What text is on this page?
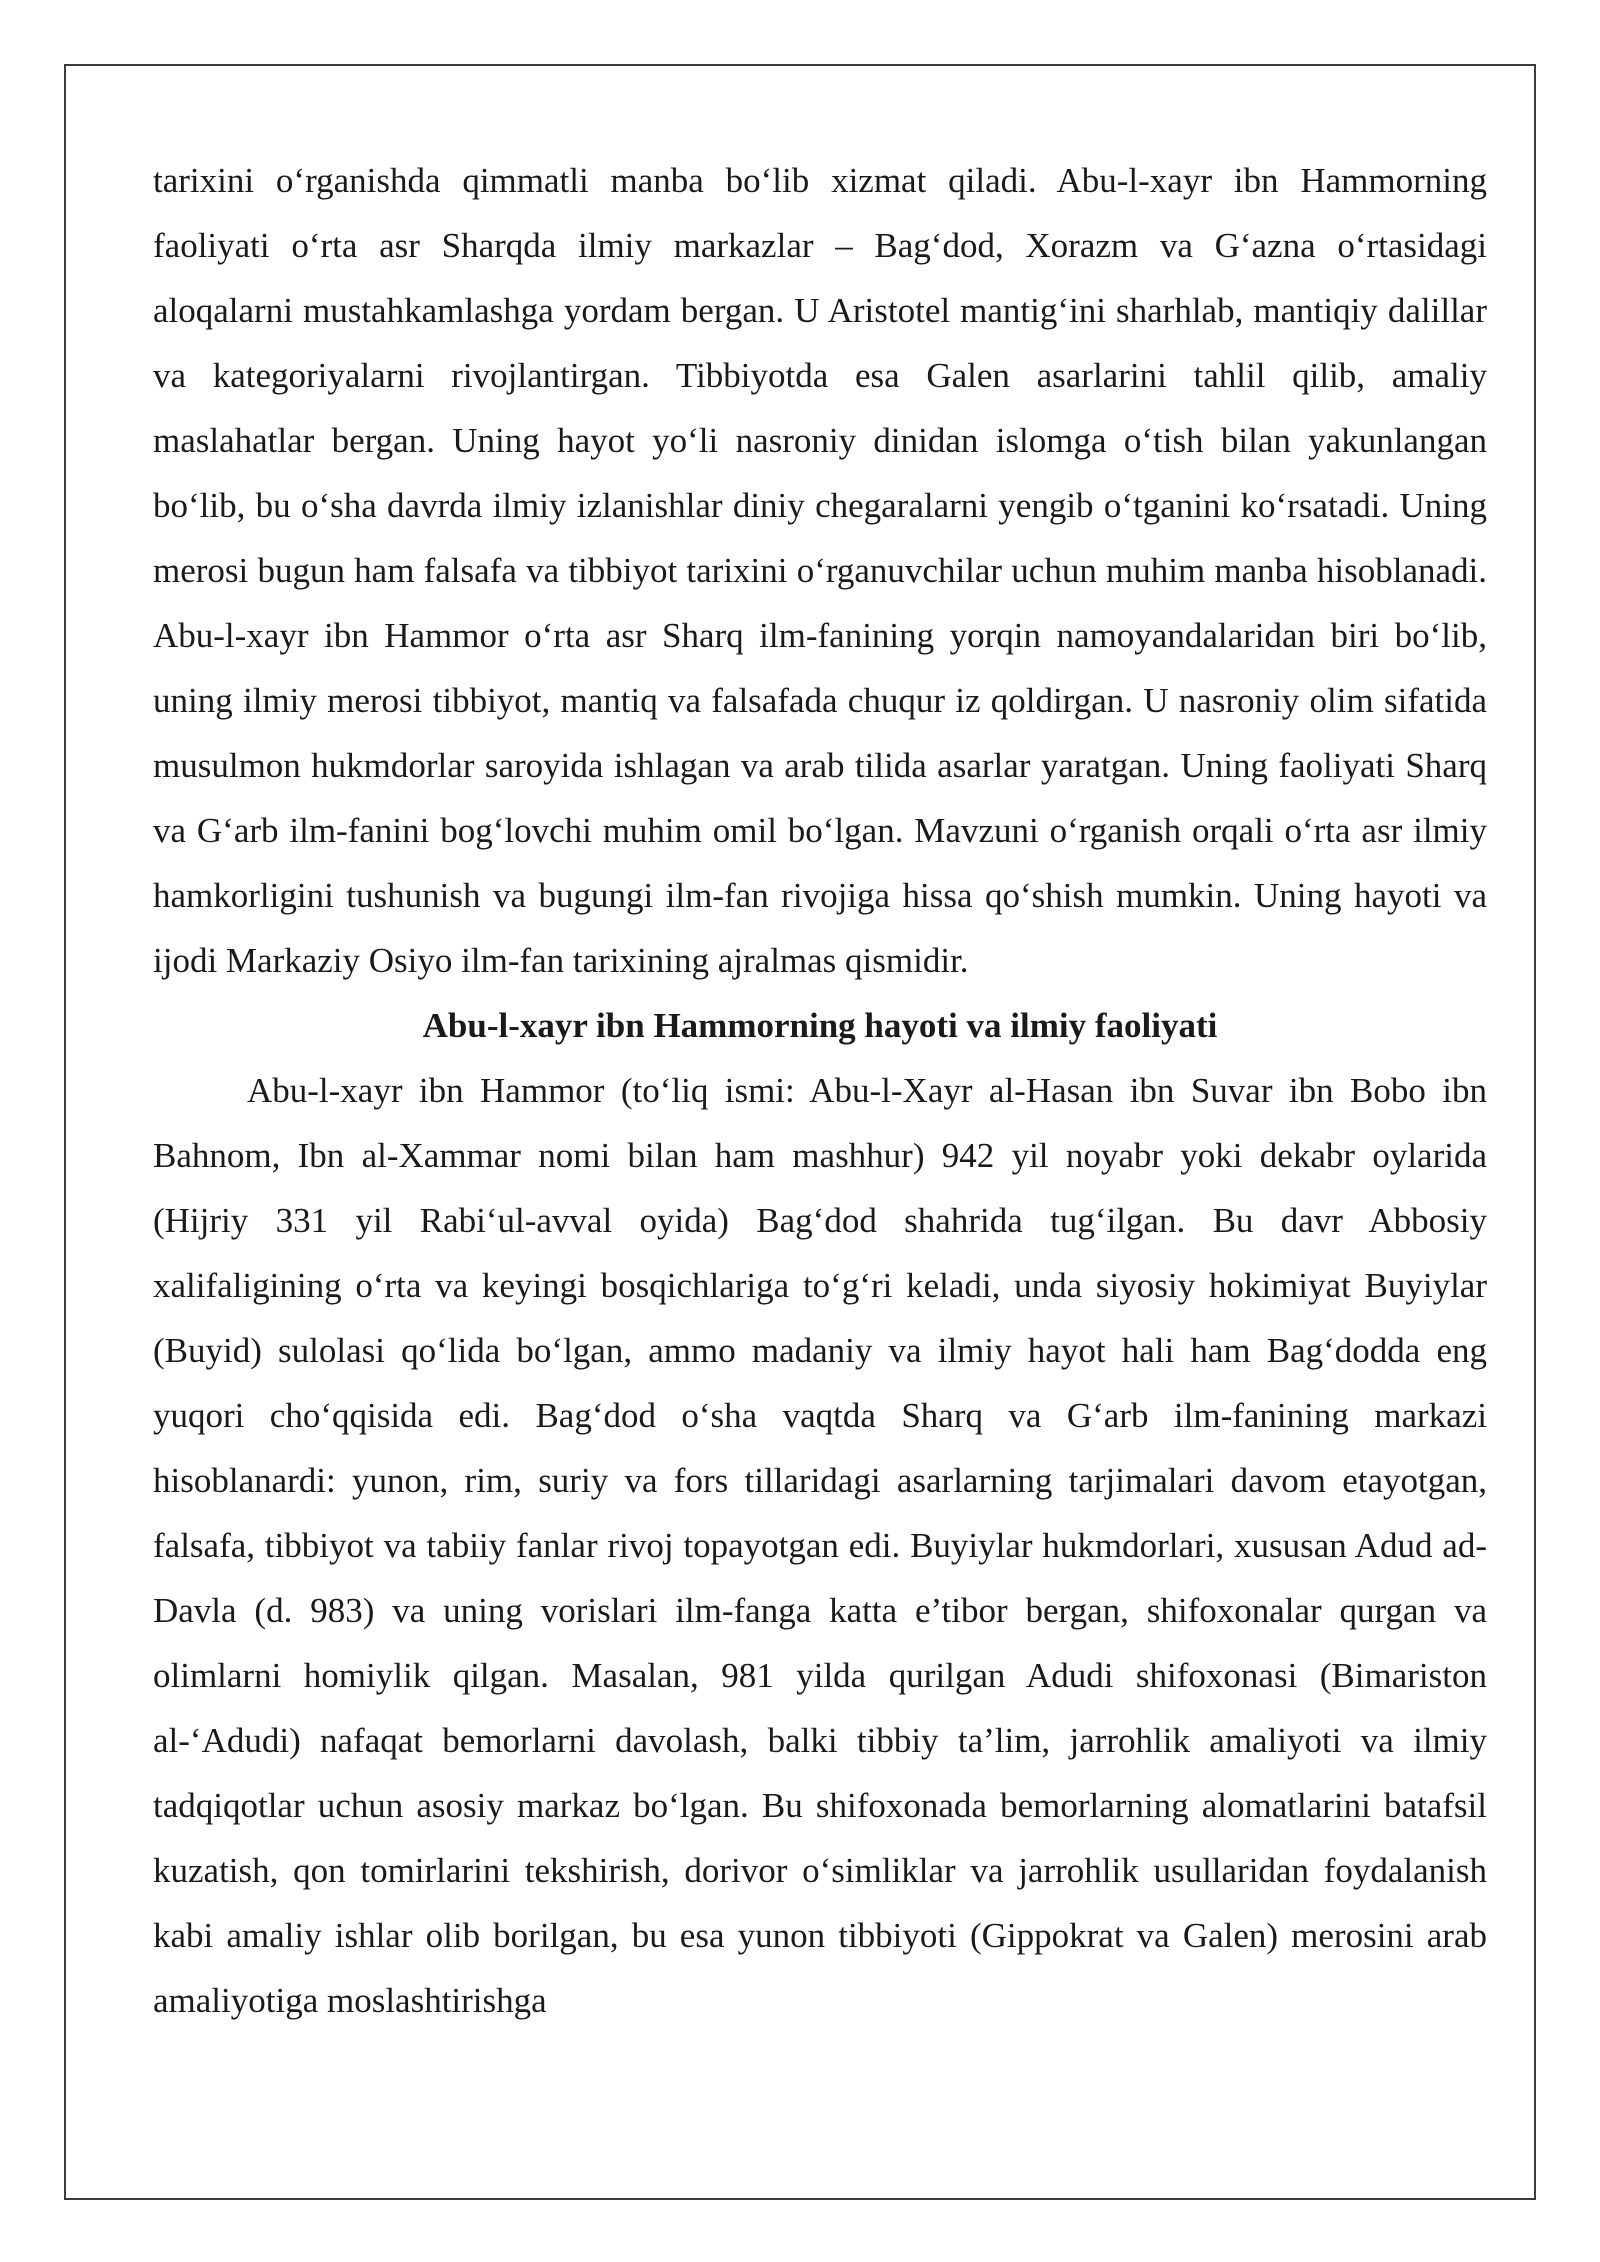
tarixini o‘rganishda qimmatli manba bo‘lib xizmat qiladi. Abu-l-xayr ibn Hammorning faoliyati o‘rta asr Sharqda ilmiy markazlar – Bag‘dod, Xorazm va G‘azna o‘rtasidagi aloqalarni mustahkamlashga yordam bergan. U Aristotel mantig‘ini sharhlab, mantiqiy dalillar va kategoriyalarni rivojlantirgan. Tibbiyotda esa Galen asarlarini tahlil qilib, amaliy maslahatlar bergan. Uning hayot yo‘li nasroniy dinidan islomga o‘tish bilan yakunlangan bo‘lib, bu o‘sha davrda ilmiy izlanishlar diniy chegaralarni yengib o‘tganini ko‘rsatadi. Uning merosi bugun ham falsafa va tibbiyot tarixini o‘rganuvchilar uchun muhim manba hisoblanadi. Abu-l-xayr ibn Hammor o‘rta asr Sharq ilm-fanining yorqin namoyandalaridan biri bo‘lib, uning ilmiy merosi tibbiyot, mantiq va falsafada chuqur iz qoldirgan. U nasroniy olim sifatida musulmon hukmdorlar saroyida ishlagan va arab tilida asarlar yaratgan. Uning faoliyati Sharq va G‘arb ilm-fanini bog‘lovchi muhim omil bo‘lgan. Mavzuni o‘rganish orqali o‘rta asr ilmiy hamkorligini tushunish va bugungi ilm-fan rivojiga hissa qo‘shish mumkin. Uning hayoti va ijodi Markaziy Osiyo ilm-fan tarixining ajralmas qismidir.

Abu-l-xayr ibn Hammorning hayoti va ilmiy faoliyati

Abu-l-xayr ibn Hammor (to‘liq ismi: Abu-l-Xayr al-Hasan ibn Suvar ibn Bobo ibn Bahnom, Ibn al-Xammar nomi bilan ham mashhur) 942 yil noyabr yoki dekabr oylarida (Hijriy 331 yil Rabi‘ul-avval oyida) Bag‘dod shahrida tug‘ilgan. Bu davr Abbosiy xalifaligining o‘rta va keyingi bosqichlariga to‘g‘ri keladi, unda siyosiy hokimiyat Buyiylar (Buyid) sulolasi qo‘lida bo‘lgan, ammo madaniy va ilmiy hayot hali ham Bag‘dodda eng yuqori cho‘qqisida edi. Bag‘dod o‘sha vaqtda Sharq va G‘arb ilm-fanining markazi hisoblanardi: yunon, rim, suriy va fors tillaridagi asarlarning tarjimalari davom etayotgan, falsafa, tibbiyot va tabiiy fanlar rivoj topayotgan edi. Buyiylar hukmdorlari, xususan Adud ad-Davla (d. 983) va uning vorislari ilm-fanga katta e’tibor bergan, shifoxonalar qurgan va olimlarni homiylik qilgan. Masalan, 981 yilda qurilgan Adudi shifoxonasi (Bimariston al-‘Adudi) nafaqat bemorlarni davolash, balki tibbiy ta’lim, jarrohlik amaliyoti va ilmiy tadqiqotlar uchun asosiy markaz bo‘lgan. Bu shifoxonada bemorlarning alomatlarini batafsil kuzatish, qon tomirlarini tekshirish, dorivor o‘simliklar va jarrohlik usullaridan foydalanish kabi amaliy ishlar olib borilgan, bu esa yunon tibbiyoti (Gippokrat va Galen) merosini arab amaliyotiga moslashtirishga
